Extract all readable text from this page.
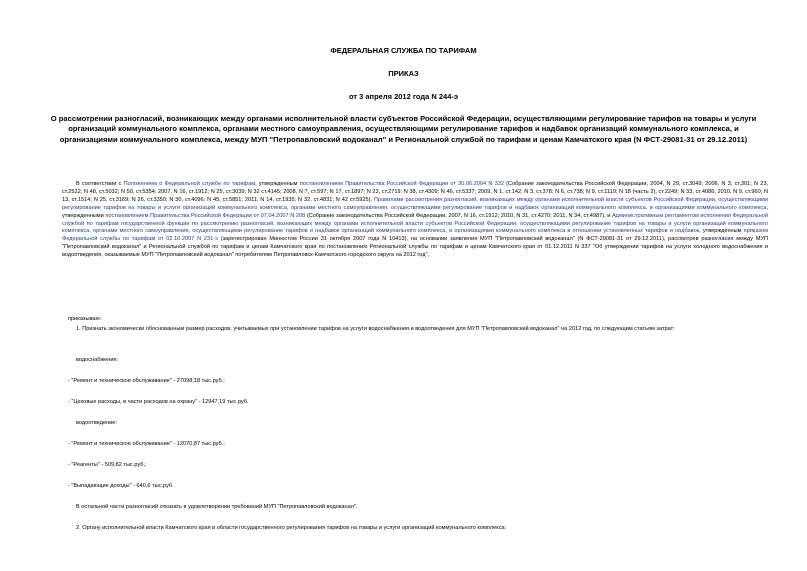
ФЕДЕРАЛЬНАЯ СЛУЖБА ПО ТАРИФАМ
ПРИКАЗ
от 3 апреля 2012 года N 244-э
О рассмотрении разногласий, возникающих между органами исполнительной власти субъектов Российской Федерации, осуществляющими регулирование тарифов на товары и услуги организаций коммунального комплекса, органами местного самоуправления, осуществляющими регулирование тарифов и надбавок организаций коммунального комплекса, и организациями коммунального комплекса, между МУП "Петропавловский водоканал" и Региональной службой по тарифам и ценам Камчатского края (N ФСТ-29081-31 от 29.12.2011)
В соответствии с Положением о Федеральной службе по тарифам, утвержденным постановлением Правительства Российской Федерации от 30.06.2004 N 332 (Собрание законодательства Российской Федерации, 2004, N 29, ст.3049; 2006, N 3, ст.301; N 23, ст.2522; N 48, ст.5032; N 50, ст.5354; 2007, N 16, ст.1912; N 25, ст.3039; N 32 ст.4145; 2008, N 7, ст.597; N 17, ст.1897; N 23, ст.2719; N 38, ст.4309; N 46, ст.5337; 2009, N 1, ст.142; N 3, ст.378; N 6, ст.738; N 9, ст.1119; N 18 (часть 2), ст.2249; N 33, ст.4086; 2010, N 9, ст.960; N 13, ст.1514; N 25, ст.3169; N 26, ст.3350; N 30, ст.4096; N 45, ст.5851; 2011, N 14, ст.1935; N 32, ст.4831; N 42 ст.5925), Правилами рассмотрения разногласий, возникающих между органами исполнительной власти субъектов Российской Федерации, осуществляющими регулирование тарифов на товары и услуги организаций коммунального комплекса, органами местного самоуправления, осуществляющими регулирование тарифов и надбавок организаций коммунального комплекса, и организациями коммунального комплекса, утвержденными постановлением Правительства Российской Федерации от 07.04.2007 N 208 (Собрание законодательства Российской Федерации, 2007, N 16, ст.1912; 2010, N 31, ст.4270; 2011, N 34, ст.4987), и Административным регламентом исполнения Федеральной службой по тарифам государственной функции по рассмотрению разногласий, возникающих между органами исполнительной власти субъектов Российской Федерации, осуществляющими регулирование тарифов на товары и услуги организаций коммунального комплекса, органами местного самоуправления, осуществляющими регулирование тарифов и надбавок организаций коммунального комплекса, и организациями коммунального комплекса в отношении установленных тарифов и надбавок, утвержденным приказом Федеральной службы по тарифам от 02.10.2007 N 231-э (зарегистрирован Минюстом России 31 октября 2007 года N 10413), на основании заявления МУП "Петропавловский водоканал" (N ФСТ-29081-31 от 29.12.2011), рассмотрев разногласия между МУП "Петропавловский водоканал" и Региональной службой по тарифам и ценам Камчатского края по постановлению Региональной службы по тарифам и ценам Камчатского края от 01.12.2011 N 337 "Об утверждении тарифов на услуги холодного водоснабжения и водоотведения, оказываемые МУП "Петропавловский водоканал" потребителям Петропавловск-Камчатского городского округа на 2012 год",
приказываю:
1. Признать экономически обоснованным размер расходов, учитываемых при установлении тарифов на услуги водоснабжения и водоотведения для МУП "Петропавловский водоканал" на 2012 год, по следующим статьям затрат:
водоснабжение:
- "Ремонт и техническое обслуживание" - 27098,18 тыс.руб.;
- "Цеховые расходы, в части расходов на охрану" - 12947,19 тыс.руб.
водоотведение:
- "Ремонт и техническое обслуживание" - 12070,87 тыс.руб.;
- "Реагенты" - 509,82 тыс.руб.;
- "Выпадающие доходы" - 640,6 тыс.руб.
В остальной части разногласий отказать в удовлетворении требований МУП "Петропавловский водоканал".
2. Органу исполнительной власти Камчатского края в области государственного регулирования тарифов на товары и услуги организаций коммунального комплекса:
